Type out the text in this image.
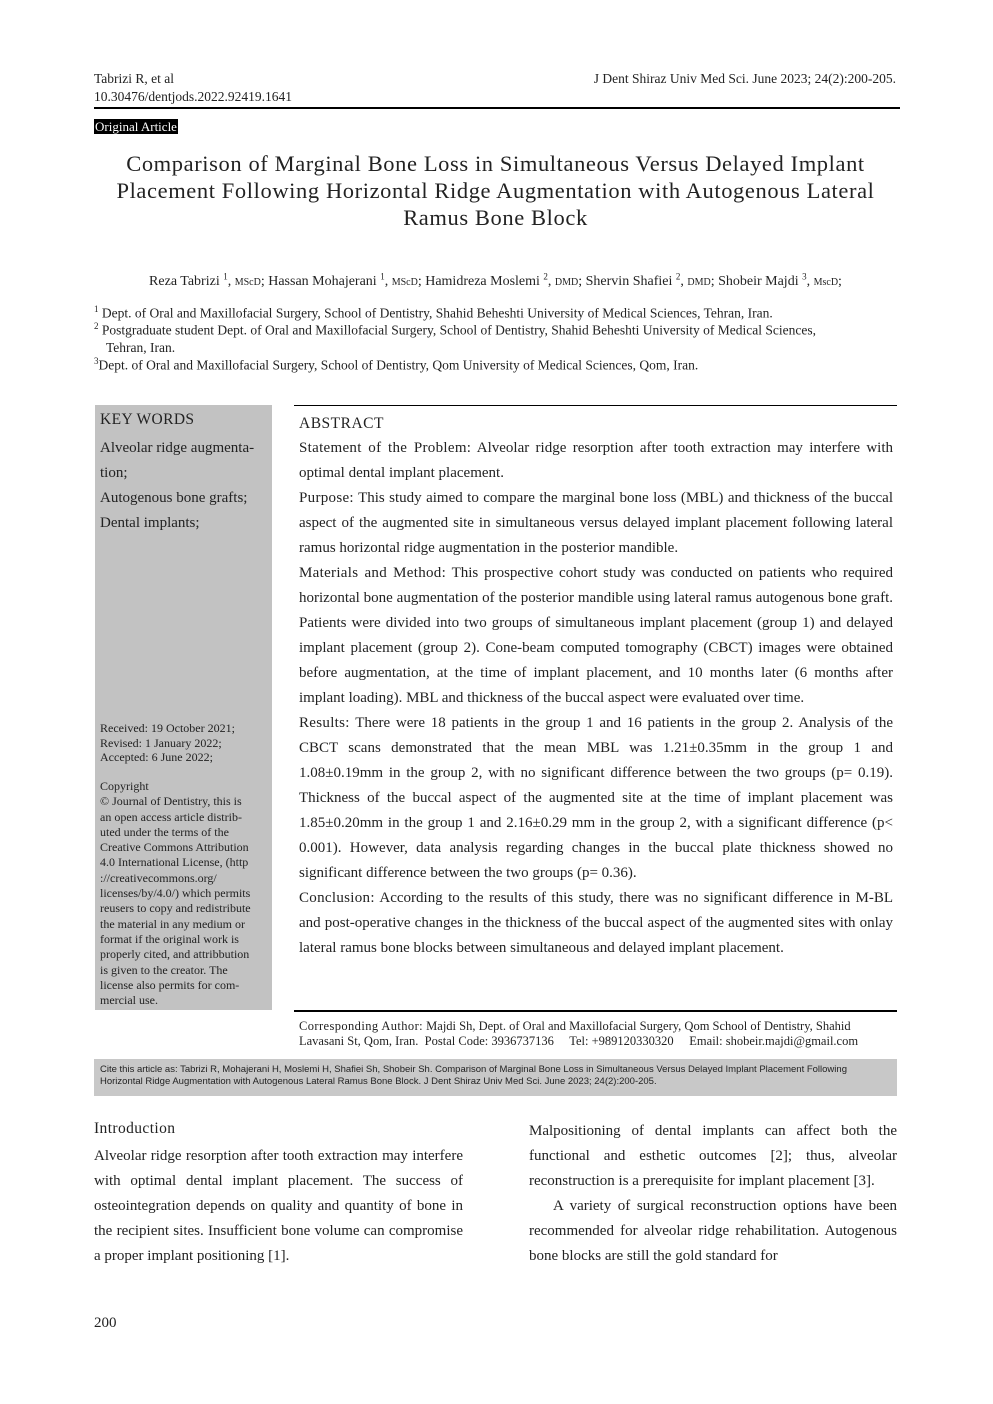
Tabrizi R, et al
10.30476/dentjods.2022.92419.1641
J Dent Shiraz Univ Med Sci. June 2023; 24(2):200-205.
Original Article
Comparison of Marginal Bone Loss in Simultaneous Versus Delayed Implant Placement Following Horizontal Ridge Augmentation with Autogenous Lateral Ramus Bone Block
Reza Tabrizi $^1$, MScD; Hassan Mohajerani $^1$, MScD; Hamidreza Moslemi $^2$, DMD; Shervin Shafiei $^2$, DMD; Shobeir Majdi $^3$, MscD;
$^1$ Dept. of Oral and Maxillofacial Surgery, School of Dentistry, Shahid Beheshti University of Medical Sciences, Tehran, Iran.
$^2$ Postgraduate student Dept. of Oral and Maxillofacial Surgery, School of Dentistry, Shahid Beheshti University of Medical Sciences,
Tehran, Iran.
$^3$Dept. of Oral and Maxillofacial Surgery, School of Dentistry, Qom University of Medical Sciences, Qom, Iran.
KEY WORDS
Alveolar ridge augmenta-
tion;
Autogenous bone grafts;
Dental implants;
Received: 19 October 2021;
Revised: 1 January 2022;
Accepted: 6 June 2022;
Copyright
© Journal of Dentistry, this is
an open access article distrib-
uted under the terms of the
Creative Commons Attribution
4.0 International License, (http
://creativecommons.org/
licenses/by/4.0/) which permits
reusers to copy and redistribute
the material in any medium or
format if the original work is
properly cited, and attribbution
is given to the creator. The
license also permits for com-
mercial use.

ABSTRACT

Statement of the Problem: Alveolar ridge resorption after tooth extraction may interfere with optimal dental implant placement.

Purpose: This study aimed to compare the marginal bone loss (MBL) and thickness of the buccal aspect of the augmented site in simultaneous versus delayed implant placement following lateral ramus horizontal ridge augmentation in the posterior mandible.

Materials and Method: This prospective cohort study was conducted on patients who required horizontal bone augmentation of the posterior mandible using lateral ramus autogenous bone graft. Patients were divided into two groups of simultaneous implant placement (group 1) and delayed implant placement (group 2). Cone-beam computed tomography (CBCT) images were obtained before augmentation, at the time of implant placement, and 10 months later (6 months after implant loading). MBL and thickness of the buccal aspect were evaluated over time.

Results: There were 18 patients in the group 1 and 16 patients in the group 2. Analysis of the CBCT scans demonstrated that the mean MBL was 1.21±0.35mm in the group 1 and 1.08±0.19mm in the group 2, with no significant difference between the two groups (p= 0.19). Thickness of the buccal aspect of the augmented site at the time of implant placement was 1.85±0.20mm in the group 1 and 2.16±0.29 mm in the group 2, with a significant difference (p< 0.001). However, data analysis regarding changes in the buccal plate thickness showed no significant difference between the two groups (p= 0.36).

Conclusion: According to the results of this study, there was no significant difference in M-BL and post-operative changes in the thickness of the buccal aspect of the augmented sites with onlay lateral ramus bone blocks between simultaneous and delayed implant placement.

Corresponding Author: Majdi Sh, Dept. of Oral and Maxillofacial Surgery, Qom School of Dentistry, Shahid
Lavasani St, Qom, Iran.  Postal Code: 3936737136     Tel: +989120330320     Email: shobeir.majdi@gmail.com
Cite this article as: Tabrizi R, Mohajerani H, Moslemi H, Shafiei Sh, Shobeir Sh. Comparison of Marginal Bone Loss in Simultaneous Versus Delayed Implant Placement Following
Horizontal Ridge Augmentation with Autogenous Lateral Ramus Bone Block. J Dent Shiraz Univ Med Sci. June 2023; 24(2):200-205.
Introduction

Alveolar ridge resorption after tooth extraction may interfere with optimal dental implant placement. The success of osteointegration depends on quality and quantity of bone in the recipient sites. Insufficient bone volume can compromise a proper implant positioning [1].

Malpositioning of dental implants can affect both the functional and esthetic outcomes [2]; thus, alveolar reconstruction is a prerequisite for implant placement [3].

A variety of surgical reconstruction options have been recommended for alveolar ridge rehabilitation. Autogenous bone blocks are still the gold standard for

200
